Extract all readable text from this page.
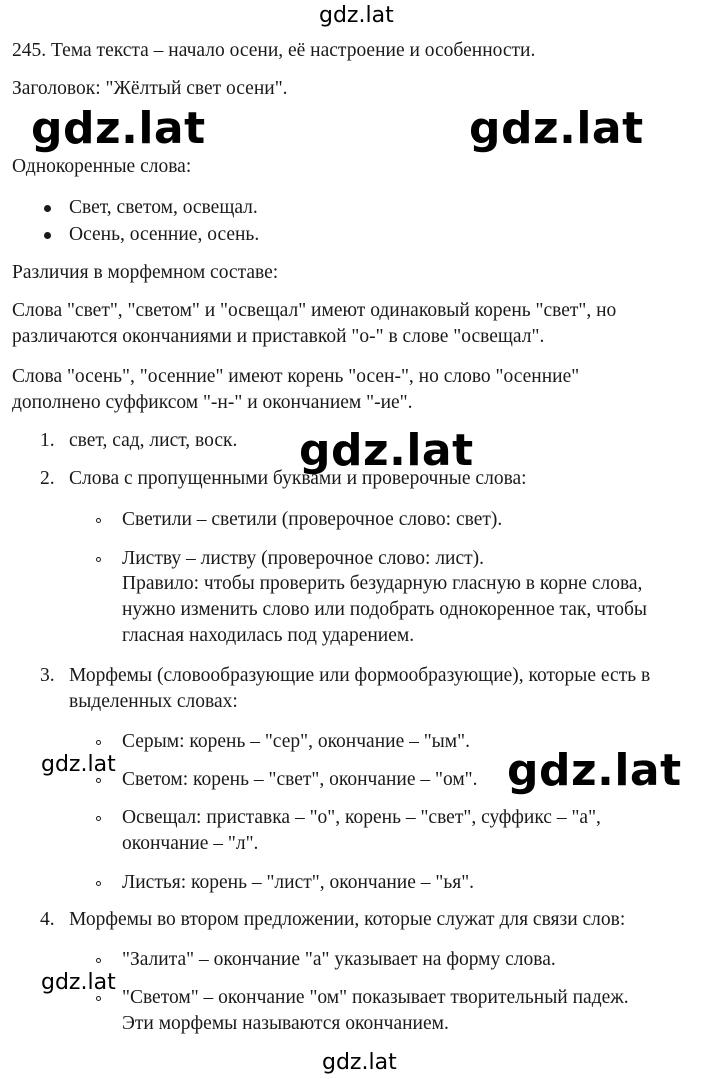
gdz.lat
245. Тема текста – начало осени, её настроение и особенности.
Заголовок: "Жёлтый свет осени".
gdz.lat	gdz.lat
Однокоренные слова:
Свет, светом, освещал.
Осень, осенние, осень.
Различия в морфемном составе:
Слова "свет", "светом" и "освещал" имеют одинаковый корень "свет", но
различаются окончаниями и приставкой "о-" в слове "освещал".
Слова "осень", "осенние" имеют корень "осен-", но слово "осенние"
дополнено суффиксом "-н-" и окончанием "-ие".
1. свет, сад, лист, воск. gdz.lat
2. Слова с пропущенными буквами и проверочные слова:
Светили – светили (проверочное слово: свет).
Листву – листву (проверочное слово: лист).
Правило: чтобы проверить безударную гласную в корне слова,
нужно изменить слово или подобрать однокоренное так, чтобы
гласная находилась под ударением.
3. Морфемы (словообразующие или формообразующие), которые есть в
выделенных словах:
Серым: корень – "сер", окончание – "ым".
gdz.lat
Светом: корень – "свет", окончание – "ом". gdz.lat
Освещал: приставка – "о", корень – "свет", суффикс – "а",
окончание – "л".
Листья: корень – "лист", окончание – "ья".
4. Морфемы во втором предложении, которые служат для связи слов:
"Залита" – окончание "а" указывает на форму слова.
gdz.lat
"Светом" – окончание "ом" показывает творительный падеж.
Эти морфемы называются окончанием.
gdz.lat
